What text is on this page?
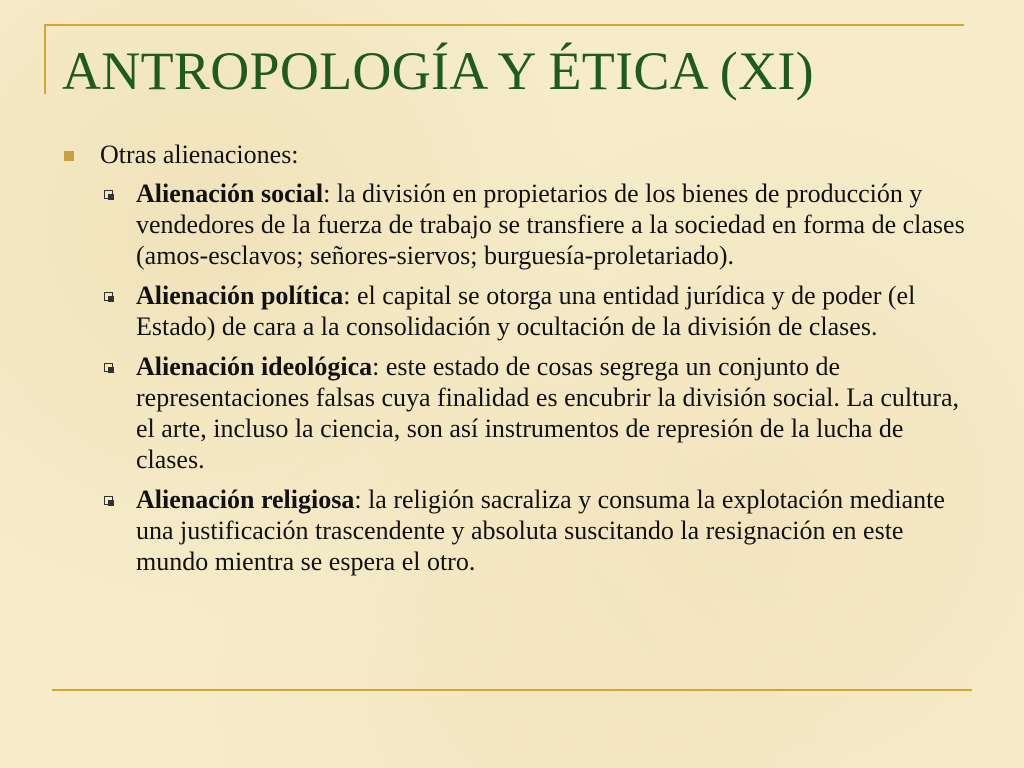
ANTROPOLOGÍA Y ÉTICA (XI)
Otras alienaciones:
Alienación social: la división en propietarios de los bienes de producción y vendedores de la fuerza de trabajo se transfiere a la sociedad en forma de clases (amos-esclavos; señores-siervos; burguesía-proletariado).
Alienación política: el capital se otorga una entidad jurídica y de poder (el Estado) de cara a la consolidación y ocultación de la división de clases.
Alienación ideológica: este estado de cosas segrega un conjunto de representaciones falsas cuya finalidad es encubrir la división social. La cultura, el arte, incluso la ciencia, son así instrumentos de represión de la lucha de clases.
Alienación religiosa: la religión sacraliza y consuma la explotación mediante una justificación trascendente y absoluta suscitando la resignación en este mundo mientra se espera el otro.
